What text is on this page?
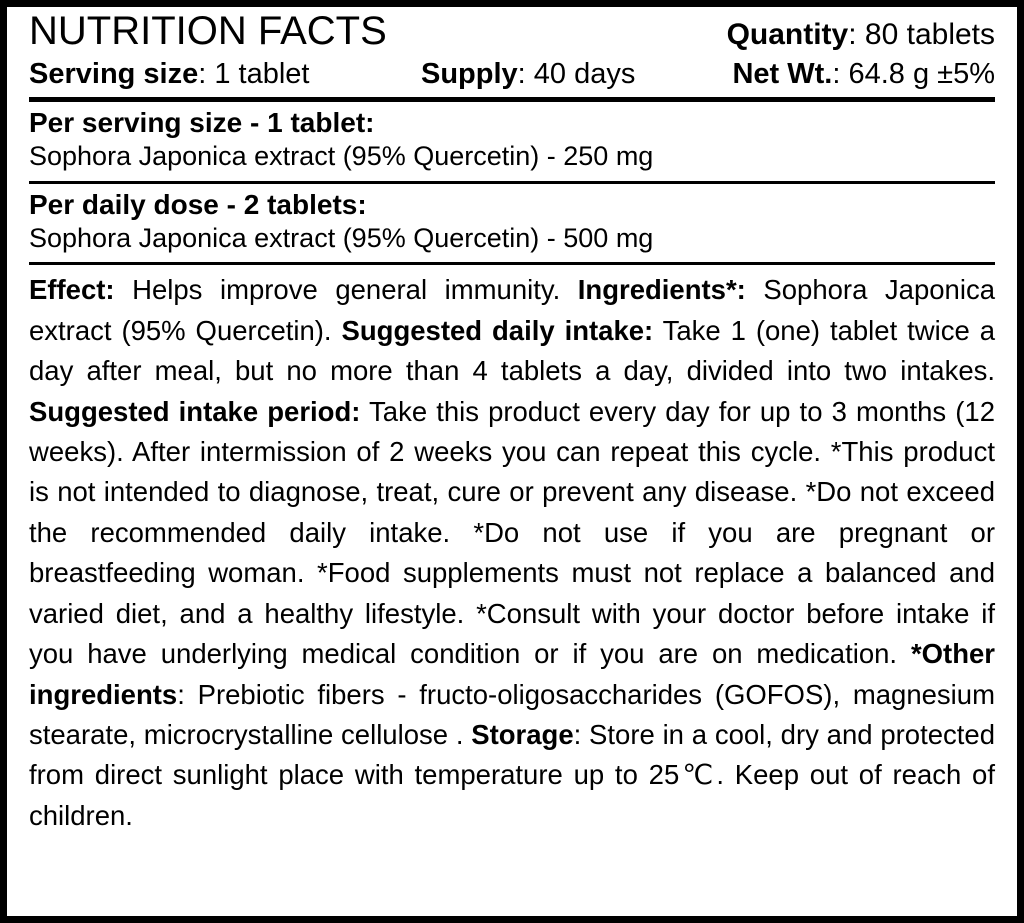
NUTRITION FACTS	Quantity: 80 tablets
Serving size: 1 tablet	Supply: 40 days	Net Wt.: 64.8 g ±5%
Per serving size - 1 tablet:
Sophora Japonica extract (95% Quercetin) - 250 mg
Per daily dose - 2 tablets:
Sophora Japonica extract (95% Quercetin) - 500 mg
Effect: Helps improve general immunity. Ingredients*: Sophora Japonica extract (95% Quercetin). Suggested daily intake: Take 1 (one) tablet twice a day after meal, but no more than 4 tablets a day, divided into two intakes. Suggested intake period: Take this product every day for up to 3 months (12 weeks). After intermission of 2 weeks you can repeat this cycle. *This product is not intended to diagnose, treat, cure or prevent any disease. *Do not exceed the recommended daily intake. *Do not use if you are pregnant or breastfeeding woman. *Food supplements must not replace a balanced and varied diet, and a healthy lifestyle. *Consult with your doctor before intake if you have underlying medical condition or if you are on medication. *Other ingredients: Prebiotic fibers - fructo-oligosaccharides (GOFOS), magnesium stearate, microcrystalline cellulose . Storage: Store in a cool, dry and protected from direct sunlight place with temperature up to 25℃. Keep out of reach of children.
